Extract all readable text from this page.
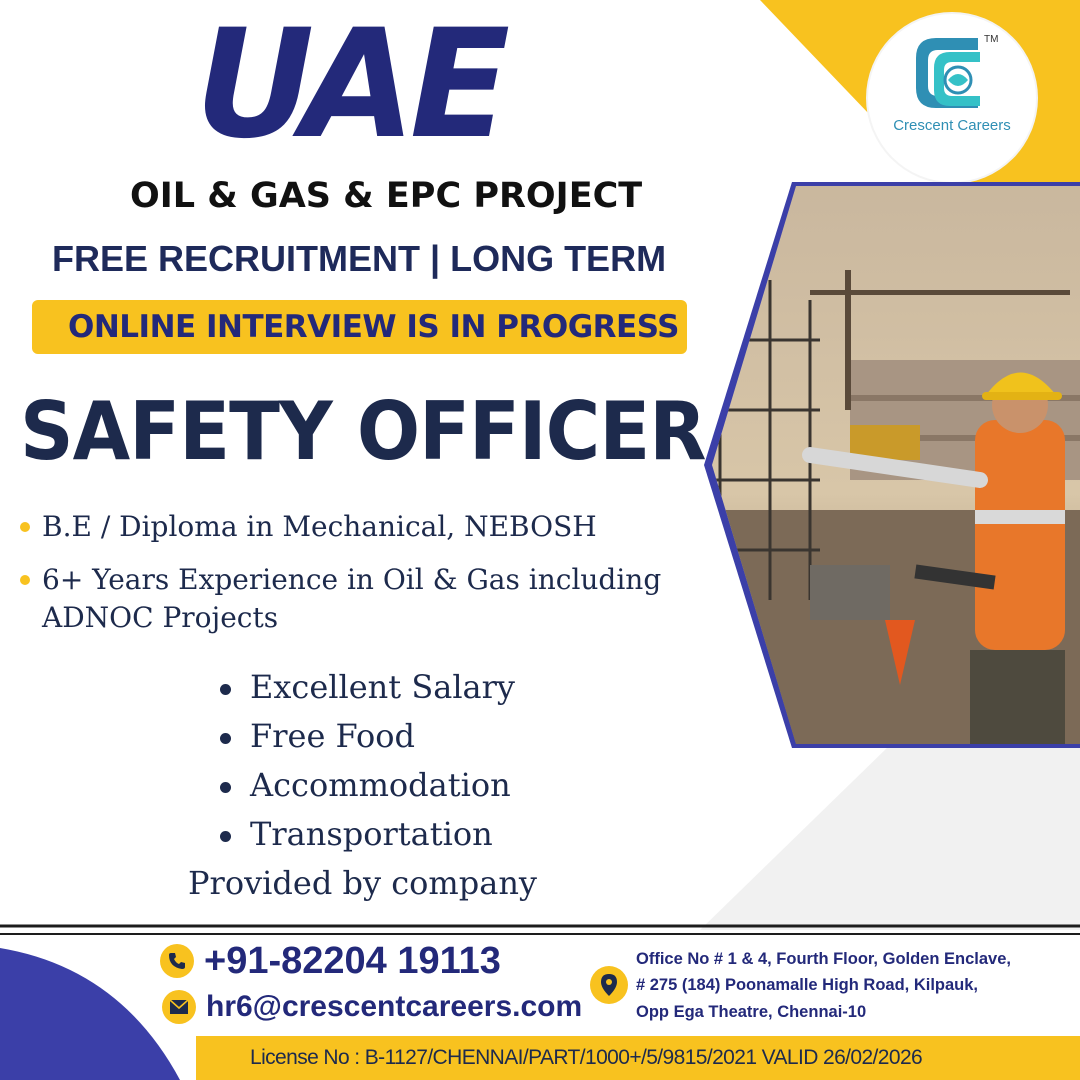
TM
Crescent Careers
UAE
OIL & GAS & EPC PROJECT
FREE RECRUITMENT | LONG TERM
ONLINE INTERVIEW IS IN PROGRESS
SAFETY OFFICER
B.E / Diploma in Mechanical, NEBOSH
6+ Years Experience in Oil & Gas including ADNOC Projects
Excellent Salary
Free Food
Accommodation
Transportation
Provided by company
+91-82204 19113
hr6@crescentcareers.com
Office No # 1 & 4, Fourth Floor, Golden Enclave,
# 275 (184) Poonamalle High Road, Kilpauk,
Opp Ega Theatre, Chennai-10
License No : B-1127/CHENNAI/PART/1000+/5/9815/2021 VALID 26/02/2026
